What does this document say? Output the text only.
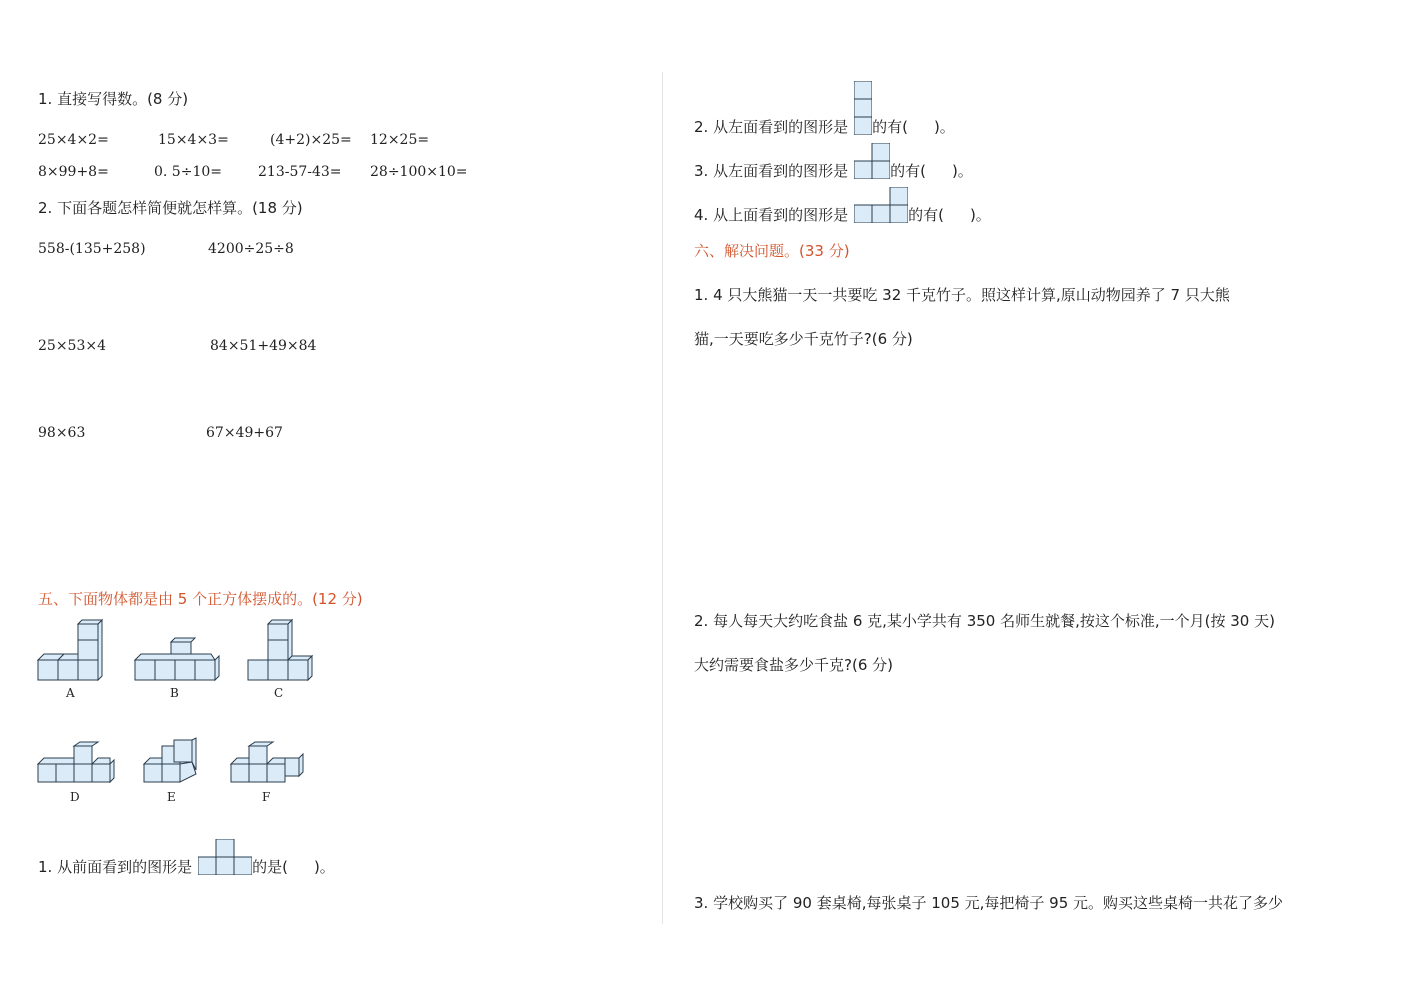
1. 直接写得数。(8 分)
25×4×2=	15×4×3=	(4+2)×25= 12×25=
8×99+8=	0. 5÷10=	213-57-43= 28÷100×10=
2. 下面各题怎样简便就怎样算。(18 分)
558-(135+258)	4200÷25÷8
25×53×4	84×51+49×84
98×63	67×49+67
五、下面物体都是由 5 个正方体摆成的。(12 分)
A	B	C
D	E	F
1. 从前面看到的图形是	的是( )。
2. 从左面看到的图形是 的有( )。
3. 从左面看到的图形是	的有( )。
4. 从上面看到的图形是	的有( )。
六、解决问题。(33 分)
1. 4 只大熊猫一天一共要吃 32 千克竹子。照这样计算,原山动物园养了 7 只大熊
猫,一天要吃多少千克竹子?(6 分)
2. 每人每天大约吃食盐 6 克,某小学共有 350 名师生就餐,按这个标准,一个月(按 30 天)
大约需要食盐多少千克?(6 分)
3. 学校购买了 90 套桌椅,每张桌子 105 元,每把椅子 95 元。购买这些桌椅一共花了多少
